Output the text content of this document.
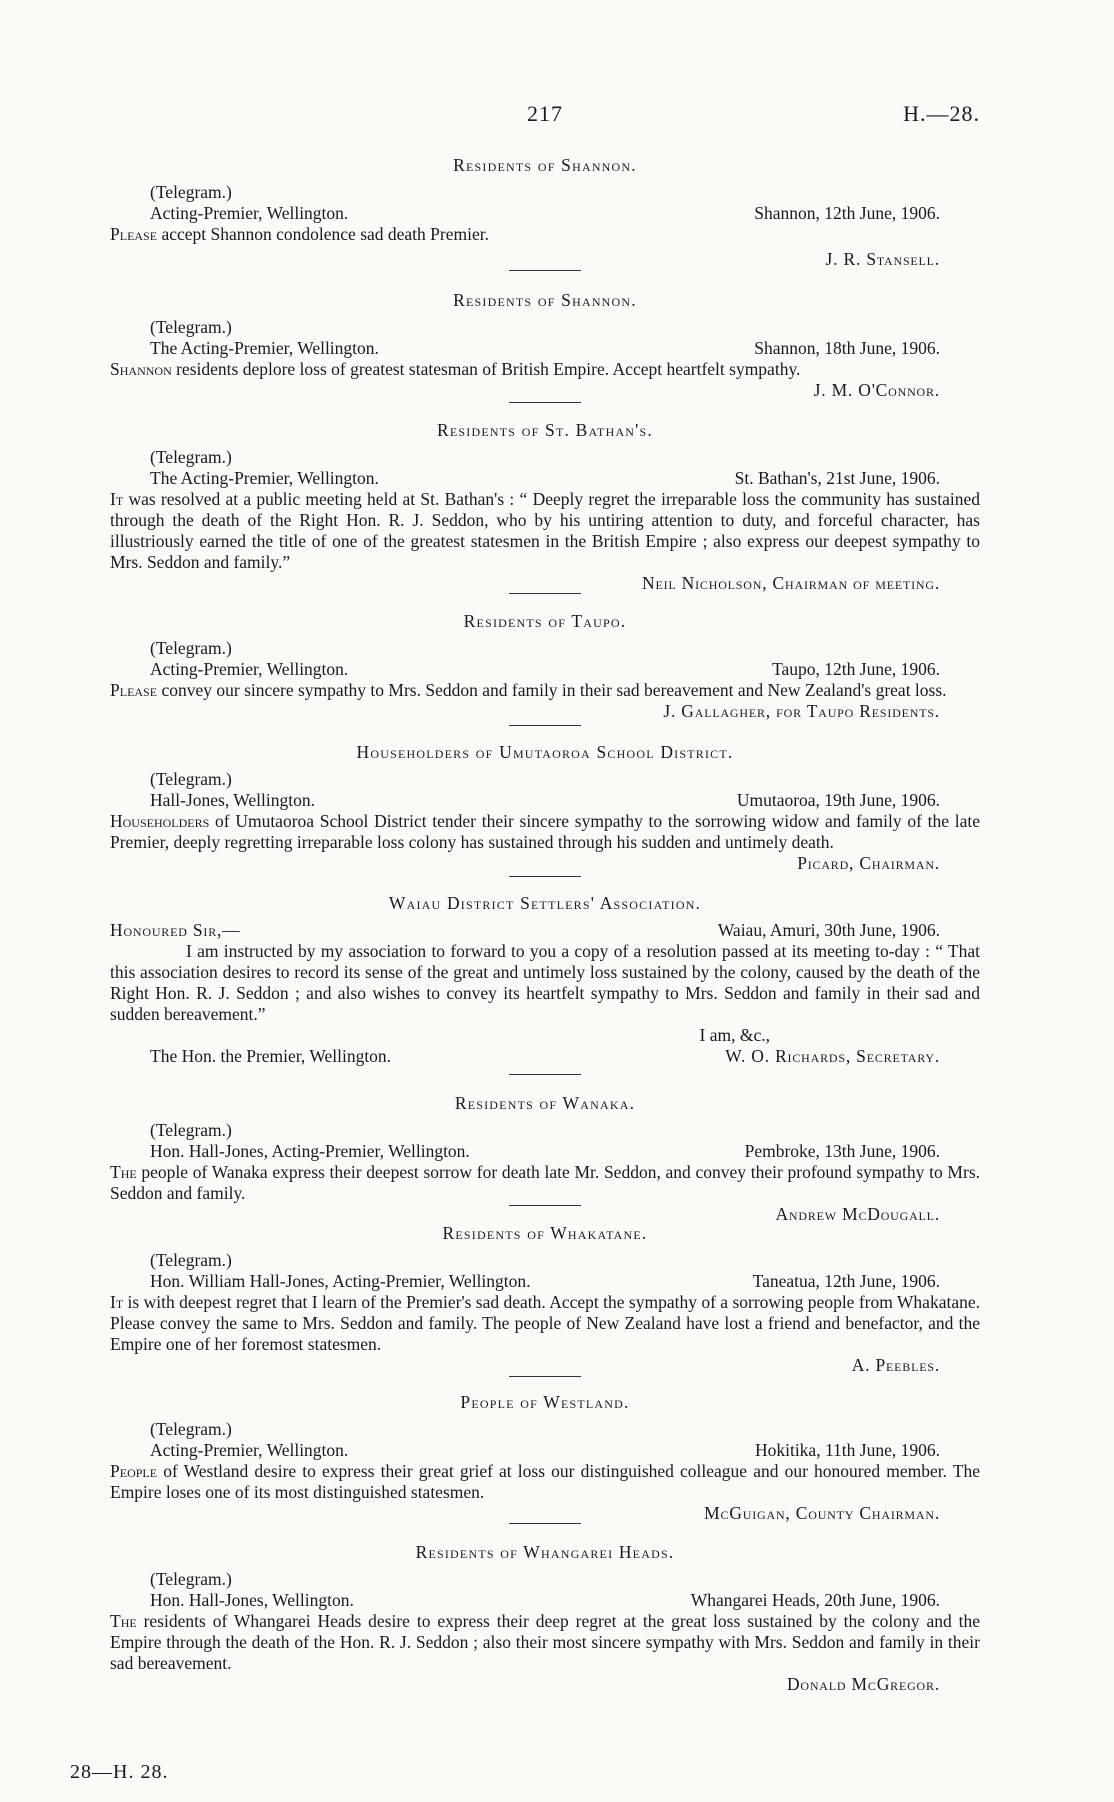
217	H.—28.
Residents of Shannon.
(Telegram.)
Acting-Premier, Wellington.	Shannon, 12th June, 1906.
Please accept Shannon condolence sad death Premier.
J. R. Stansell.
Residents of Shannon.
(Telegram.)
The Acting-Premier, Wellington.	Shannon, 18th June, 1906.
Shannon residents deplore loss of greatest statesman of British Empire. Accept heartfelt sympathy.
J. M. O'Connor.
Residents of St. Bathan's.
(Telegram.)
The Acting-Premier, Wellington.	St. Bathan's, 21st June, 1906.
It was resolved at a public meeting held at St. Bathan's : “ Deeply regret the irreparable loss the community has sustained through the death of the Right Hon. R. J. Seddon, who by his untiring attention to duty, and forceful character, has illustriously earned the title of one of the greatest statesmen in the British Empire ; also express our deepest sympathy to Mrs. Seddon and family.”
Neil Nicholson, Chairman of meeting.
Residents of Taupo.
(Telegram.)
Acting-Premier, Wellington.	Taupo, 12th June, 1906.
Please convey our sincere sympathy to Mrs. Seddon and family in their sad bereavement and New Zealand's great loss.
J. Gallagher, for Taupo Residents.
Householders of Umutaoroa School District.
(Telegram.)
Hall-Jones, Wellington.	Umutaoroa, 19th June, 1906.
Householders of Umutaoroa School District tender their sincere sympathy to the sorrowing widow and family of the late Premier, deeply regretting irreparable loss colony has sustained through his sudden and untimely death.
Picard, Chairman.
Waiau District Settlers' Association.
Honoured Sir,—	Waiau, Amuri, 30th June, 1906.
I am instructed by my association to forward to you a copy of a resolution passed at its meeting to-day : “ That this association desires to record its sense of the great and untimely loss sustained by the colony, caused by the death of the Right Hon. R. J. Seddon ; and also wishes to convey its heartfelt sympathy to Mrs. Seddon and family in their sad and sudden bereavement.”
I am, &c.,
The Hon. the Premier, Wellington.	W. O. Richards, Secretary.
Residents of Wanaka.
(Telegram.)
Hon. Hall-Jones, Acting-Premier, Wellington.	Pembroke, 13th June, 1906.
The people of Wanaka express their deepest sorrow for death late Mr. Seddon, and convey their profound sympathy to Mrs. Seddon and family.
Andrew McDougall.
Residents of Whakatane.
(Telegram.)
Hon. William Hall-Jones, Acting-Premier, Wellington.	Taneatua, 12th June, 1906.
It is with deepest regret that I learn of the Premier's sad death. Accept the sympathy of a sorrowing people from Whakatane. Please convey the same to Mrs. Seddon and family. The people of New Zealand have lost a friend and benefactor, and the Empire one of her foremost statesmen.
A. Peebles.
People of Westland.
(Telegram.)
Acting-Premier, Wellington.	Hokitika, 11th June, 1906.
People of Westland desire to express their great grief at loss our distinguished colleague and our honoured member. The Empire loses one of its most distinguished statesmen.
McGuigan, County Chairman.
Residents of Whangarei Heads.
(Telegram.)
Hon. Hall-Jones, Wellington.	Whangarei Heads, 20th June, 1906.
The residents of Whangarei Heads desire to express their deep regret at the great loss sustained by the colony and the Empire through the death of the Hon. R. J. Seddon ; also their most sincere sympathy with Mrs. Seddon and family in their sad bereavement.
Donald McGregor.
28—H. 28.
